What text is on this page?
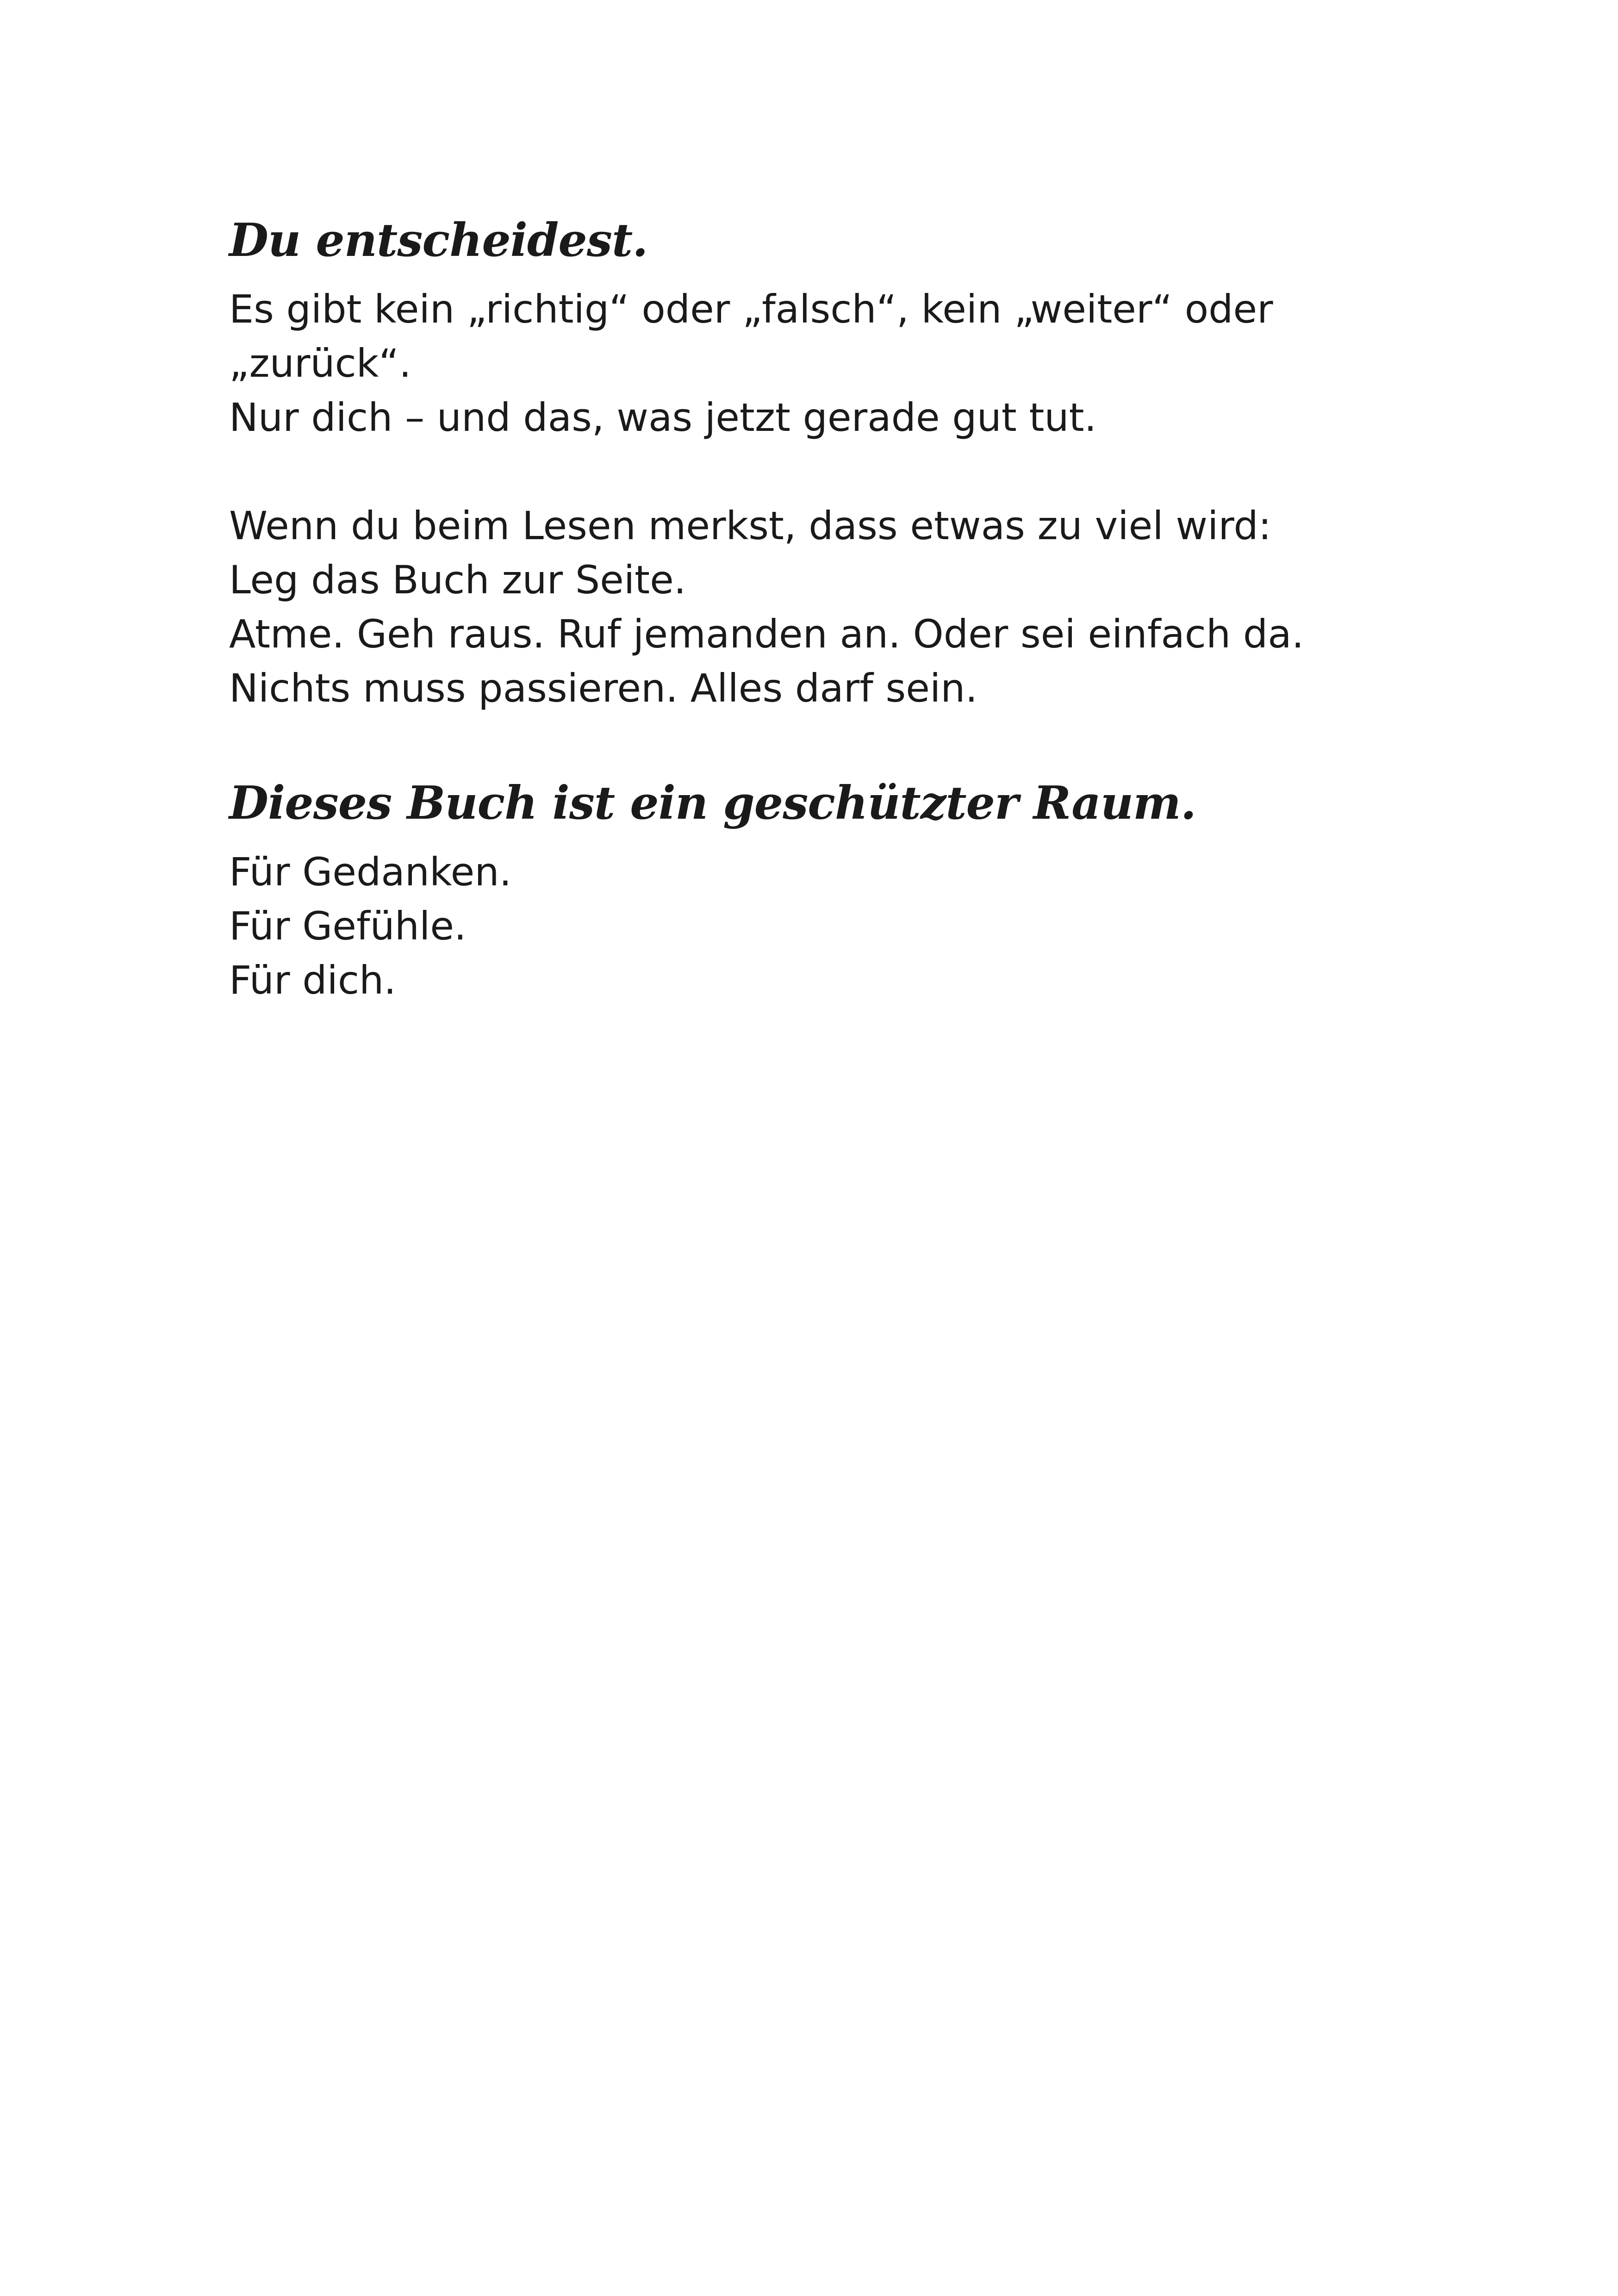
Du entscheidest.

Es gibt kein „richtig“ oder „falsch“, kein „weiter“ oder
„zurück“.
Nur dich – und das, was jetzt gerade gut tut.

Wenn du beim Lesen merkst, dass etwas zu viel wird:
Leg das Buch zur Seite.
Atme. Geh raus. Ruf jemanden an. Oder sei einfach da.
Nichts muss passieren. Alles darf sein.

Dieses Buch ist ein geschützter Raum.

Für Gedanken.
Für Gefühle.
Für dich.
